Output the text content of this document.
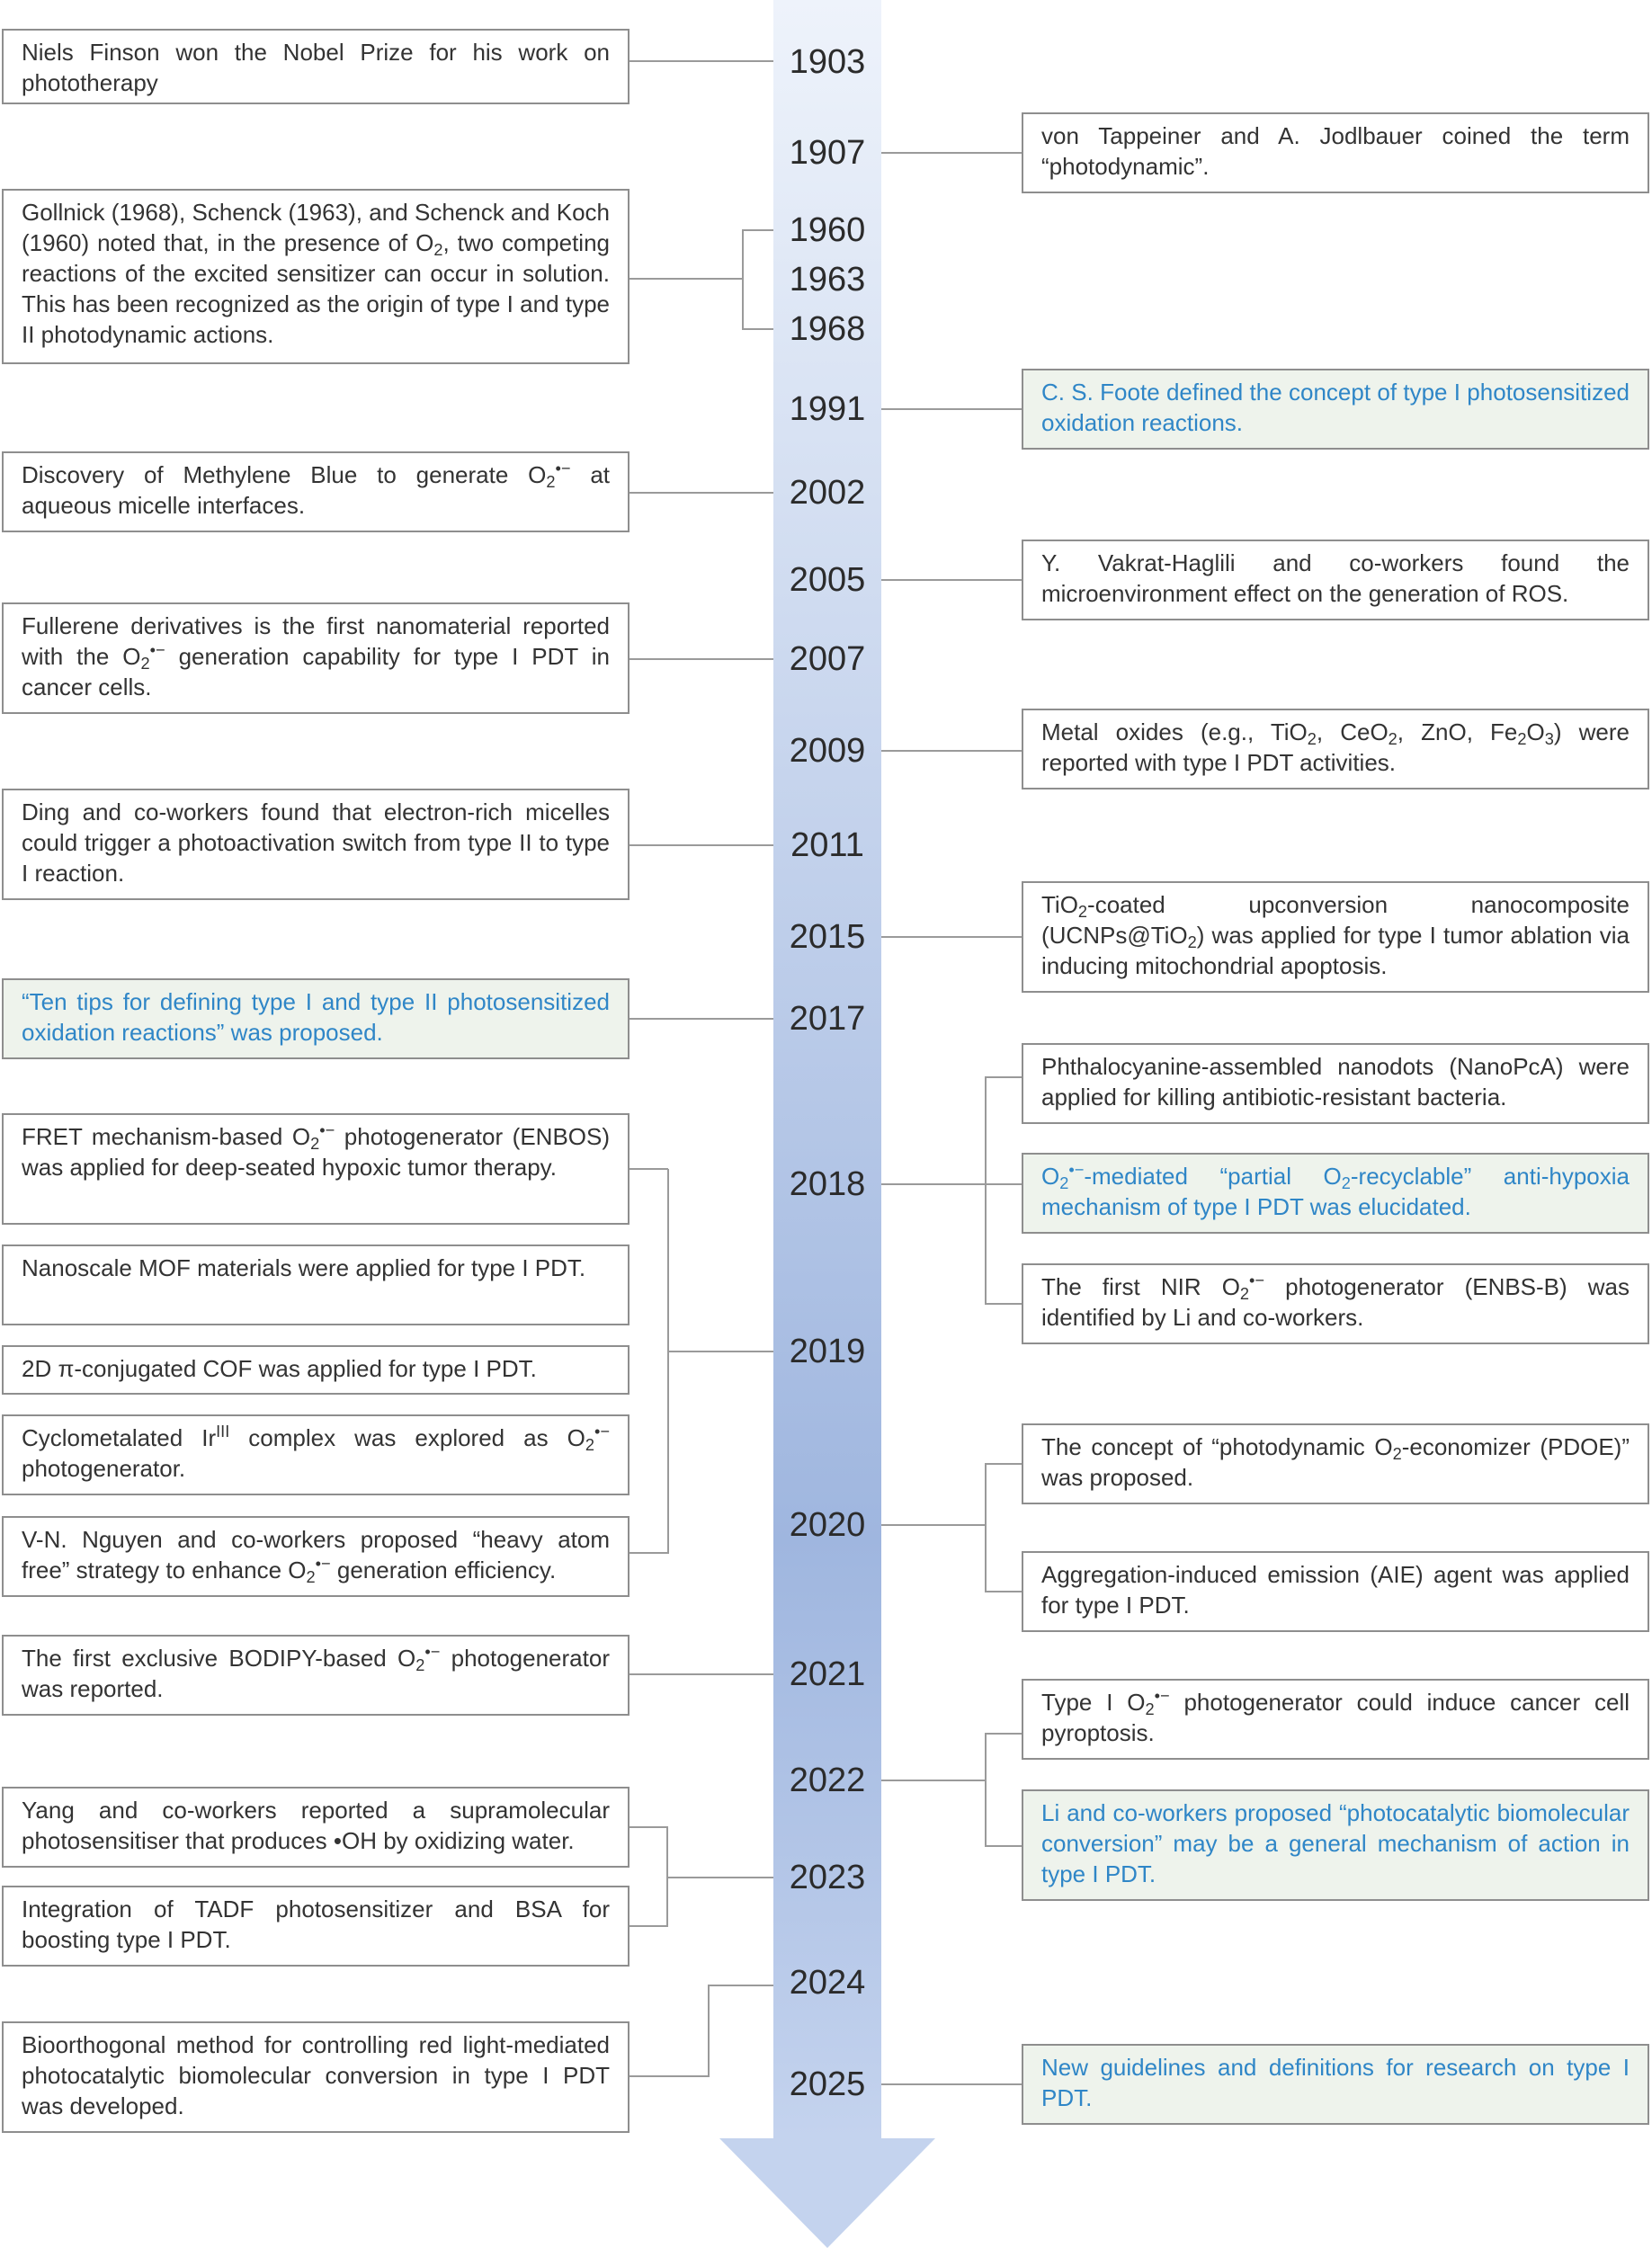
1903
1907
1960
1963
1968
1991
2002
2005
2007
2009
2011
2015
2017
2018
2019
2020
2021
2022
2023
2024
2025
Niels Finson won the Nobel Prize for his work on phototherapy
Gollnick (1968), Schenck (1963), and Schenck and Koch (1960) noted that, in the presence of $O_2$, two competing reactions of the excited sensitizer can occur in solution. This has been recognized as the origin of type I and type II photodynamic actions.
Discovery of Methylene Blue to generate $O_2^{•-}$ at aqueous micelle interfaces.
Fullerene derivatives is the first nanomaterial reported with the $O_2^{•-}$ generation capability for type I PDT in cancer cells.
Ding and co-workers found that electron-rich micelles could trigger a photoactivation switch from type II to type I reaction.
“Ten tips for defining type I and type II photosensitized oxidation reactions” was proposed.
FRET mechanism-based $O_2^{•-}$ photogenerator (ENBOS) was applied for deep-seated hypoxic tumor therapy.
Nanoscale MOF materials were applied for type I PDT.
2D π-conjugated COF was applied for type I PDT.
Cyclometalated $Ir^{III}$ complex was explored as $O_2^{•-}$ photogenerator.
V-N. Nguyen and co-workers proposed “heavy atom free” strategy to enhance $O_2^{•-}$ generation efficiency.
The first exclusive BODIPY-based $O_2^{•-}$ photogenerator was reported.
Yang and co-workers reported a supramolecular photosensitiser that produces •OH by oxidizing water.
Integration of TADF photosensitizer and BSA for boosting type I PDT.
Bioorthogonal method for controlling red light-mediated photocatalytic biomolecular conversion in type I PDT was developed.
von Tappeiner and A. Jodlbauer coined the term “photodynamic”.
C. S. Foote defined the concept of type I photosensitized oxidation reactions.
Y. Vakrat-Haglili and co-workers found the microenvironment effect on the generation of ROS.
Metal oxides (e.g., TiO$_2$, CeO$_2$, ZnO, $Fe_2O_3$) were reported with type I PDT activities.
TiO$_2$-coated upconversion nanocomposite (UCNPs@TiO$_2$) was applied for type I tumor ablation via inducing mitochondrial apoptosis.
Phthalocyanine-assembled nanodots (NanoPcA) were applied for killing antibiotic-resistant bacteria.
$O_2^{•-}$-mediated “partial $O_2$-recyclable” anti-hypoxia mechanism of type I PDT was elucidated.
The first NIR $O_2^{•-}$ photogenerator (ENBS-B) was identified by Li and co-workers.
The concept of “photodynamic $O_2$-economizer (PDOE)” was proposed.
Aggregation-induced emission (AIE) agent was applied for type I PDT.
Type I $O_2^{•-}$ photogenerator could induce cancer cell pyroptosis.
Li and co-workers proposed “photocatalytic biomolecular conversion” may be a general mechanism of action in type I PDT.
New guidelines and definitions for research on type I PDT.
